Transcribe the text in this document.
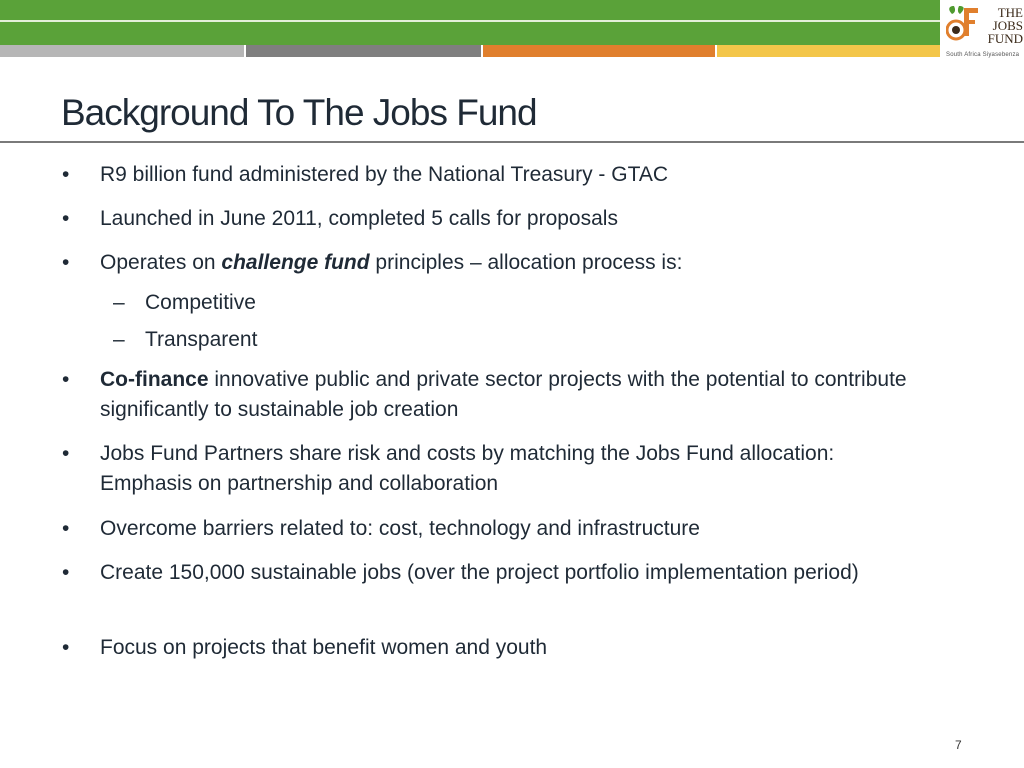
THE
JOBS
FUND
South Africa Siyasebenza
Background To The Jobs Fund
• R9 billion fund administered by the National Treasury - GTAC
• Launched in June 2011, completed 5 calls for proposals
• Operates on challenge fund principles – allocation process is:
– Competitive
– Transparent
• Co-finance innovative public and private sector projects with the potential to contribute significantly to sustainable job creation
• Jobs Fund Partners share risk and costs by matching the Jobs Fund allocation: Emphasis on partnership and collaboration
• Overcome barriers related to: cost, technology and infrastructure
• Create 150,000 sustainable jobs (over the project portfolio implementation period)
• Focus on projects that benefit women and youth
7
